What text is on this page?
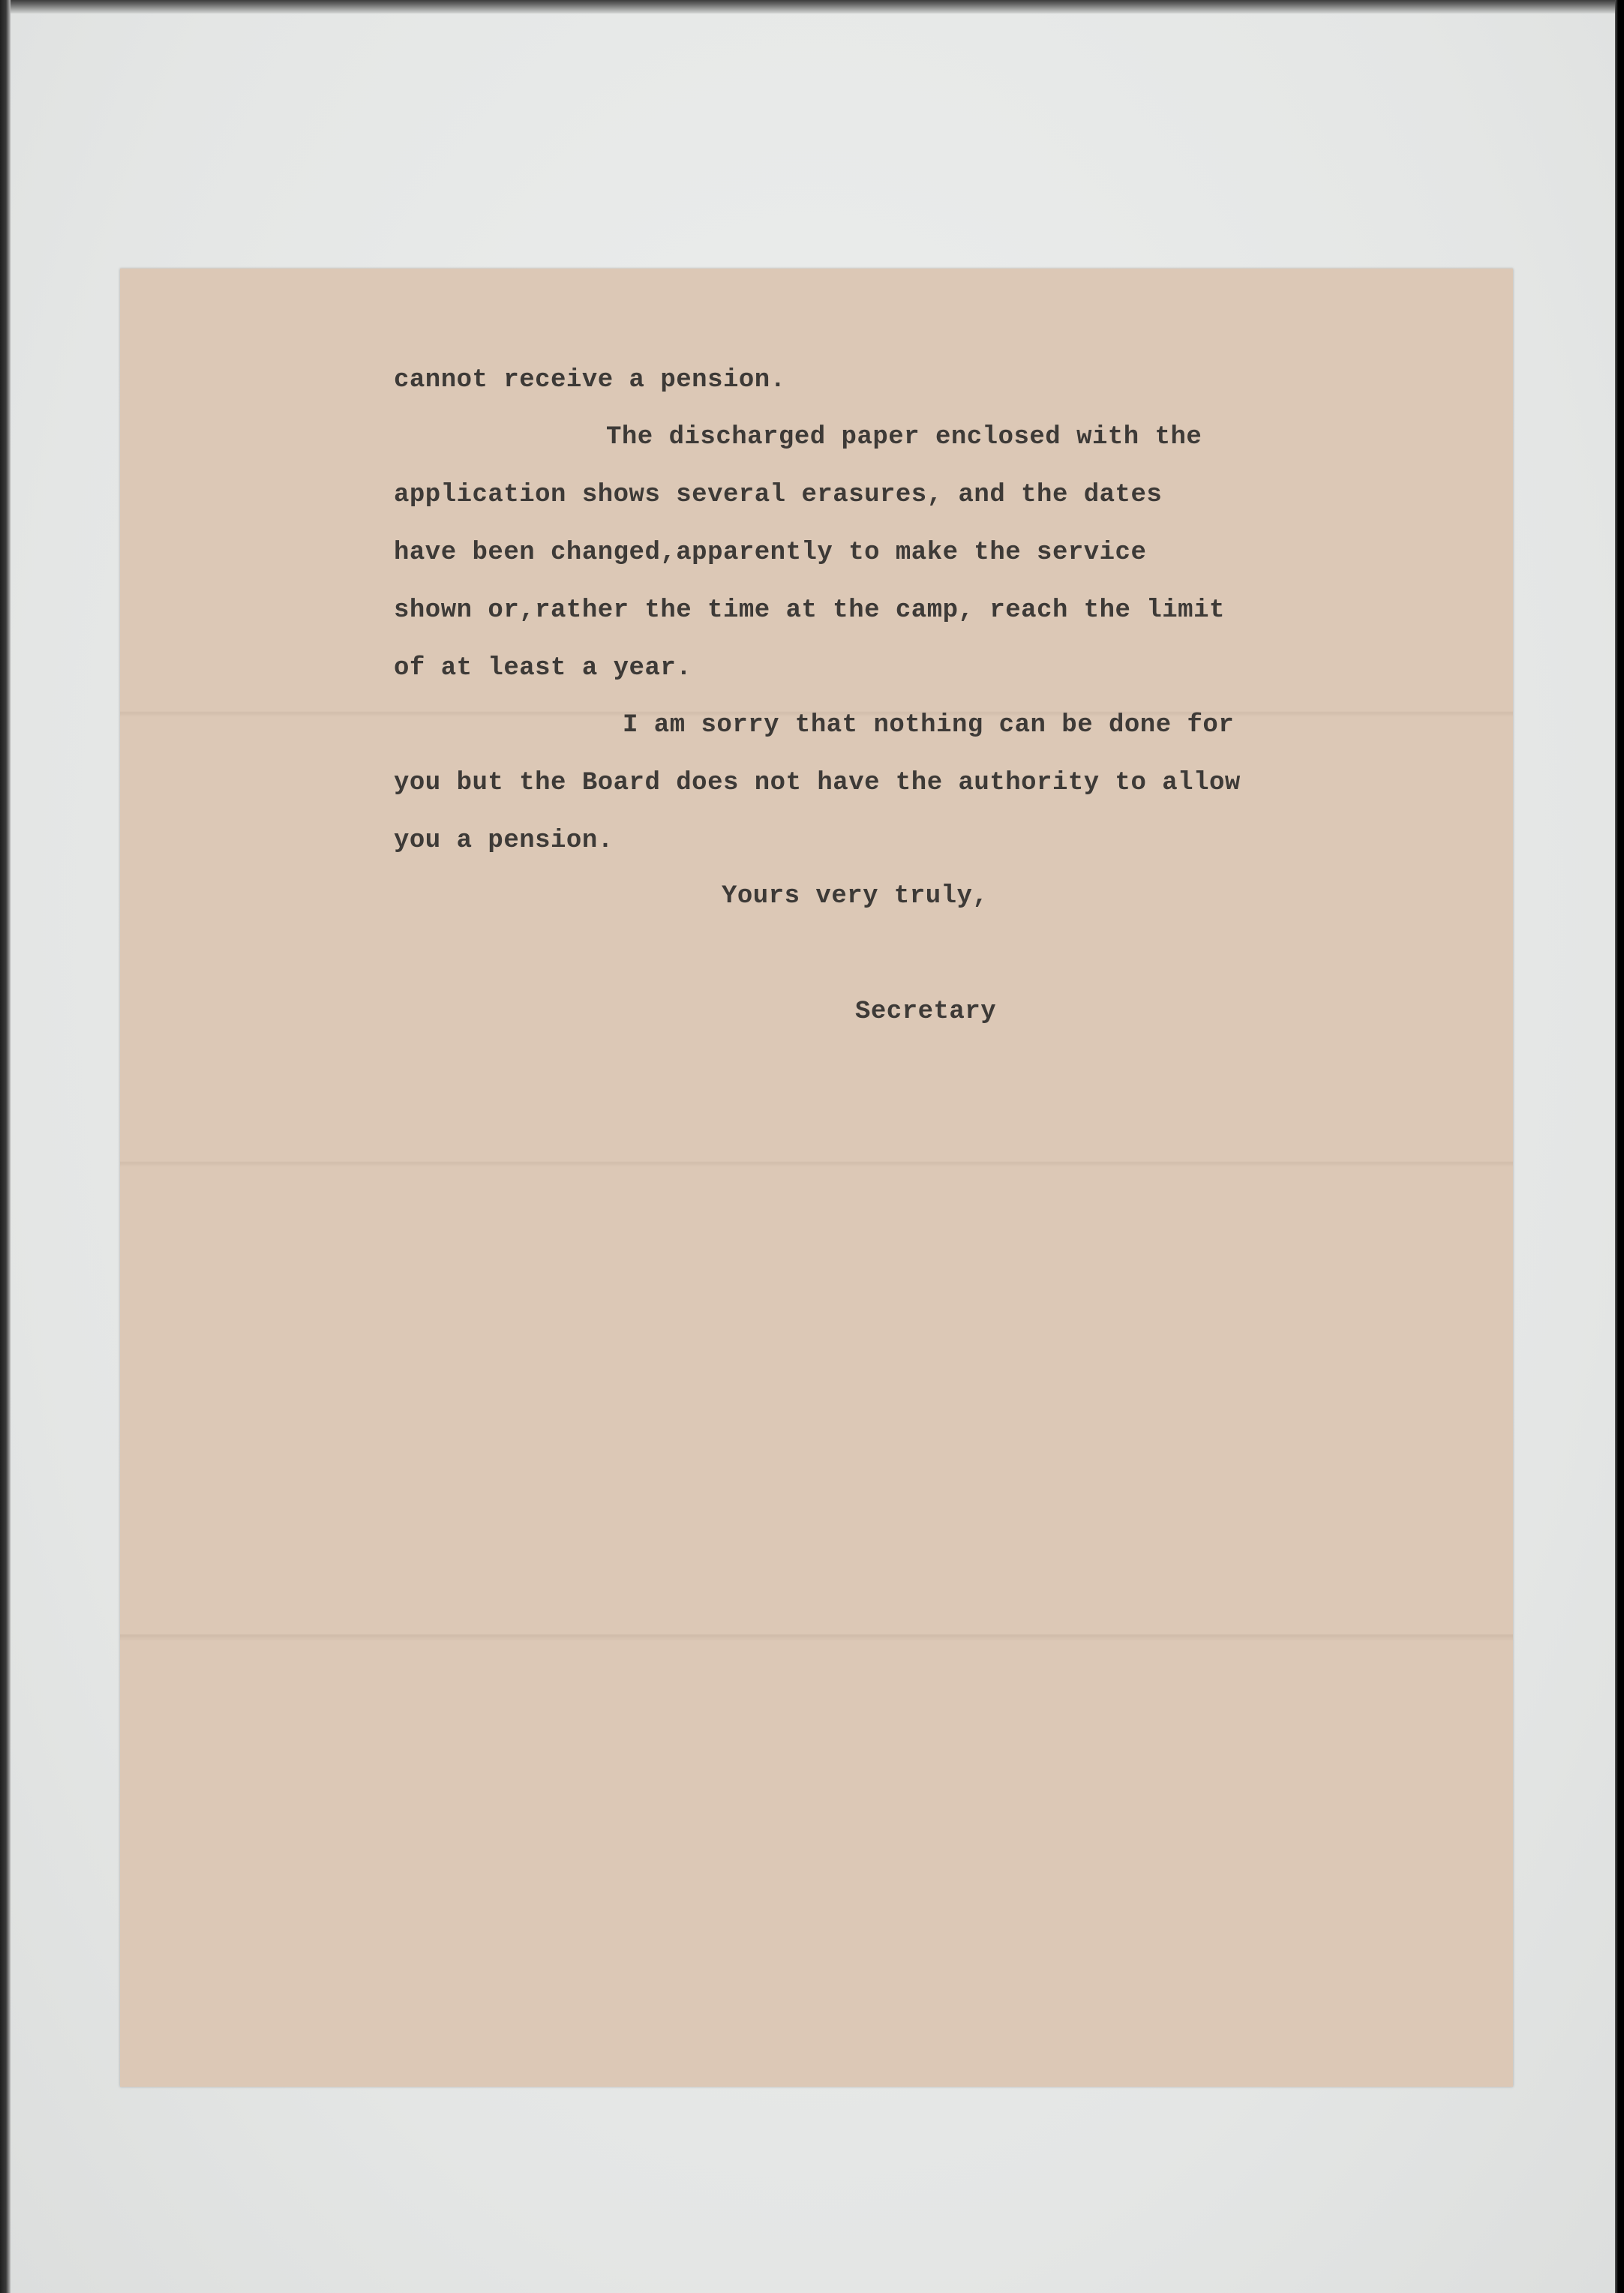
cannot receive a pension.
The discharged paper enclosed with the
application shows several erasures, and the dates
have been changed,apparently to make the service
shown or,rather the time at the camp, reach the limit
of at least a year.
I am sorry that nothing can be done for
you but the Board does not have the authority to allow
you a pension.
Yours very truly,
Secretary
